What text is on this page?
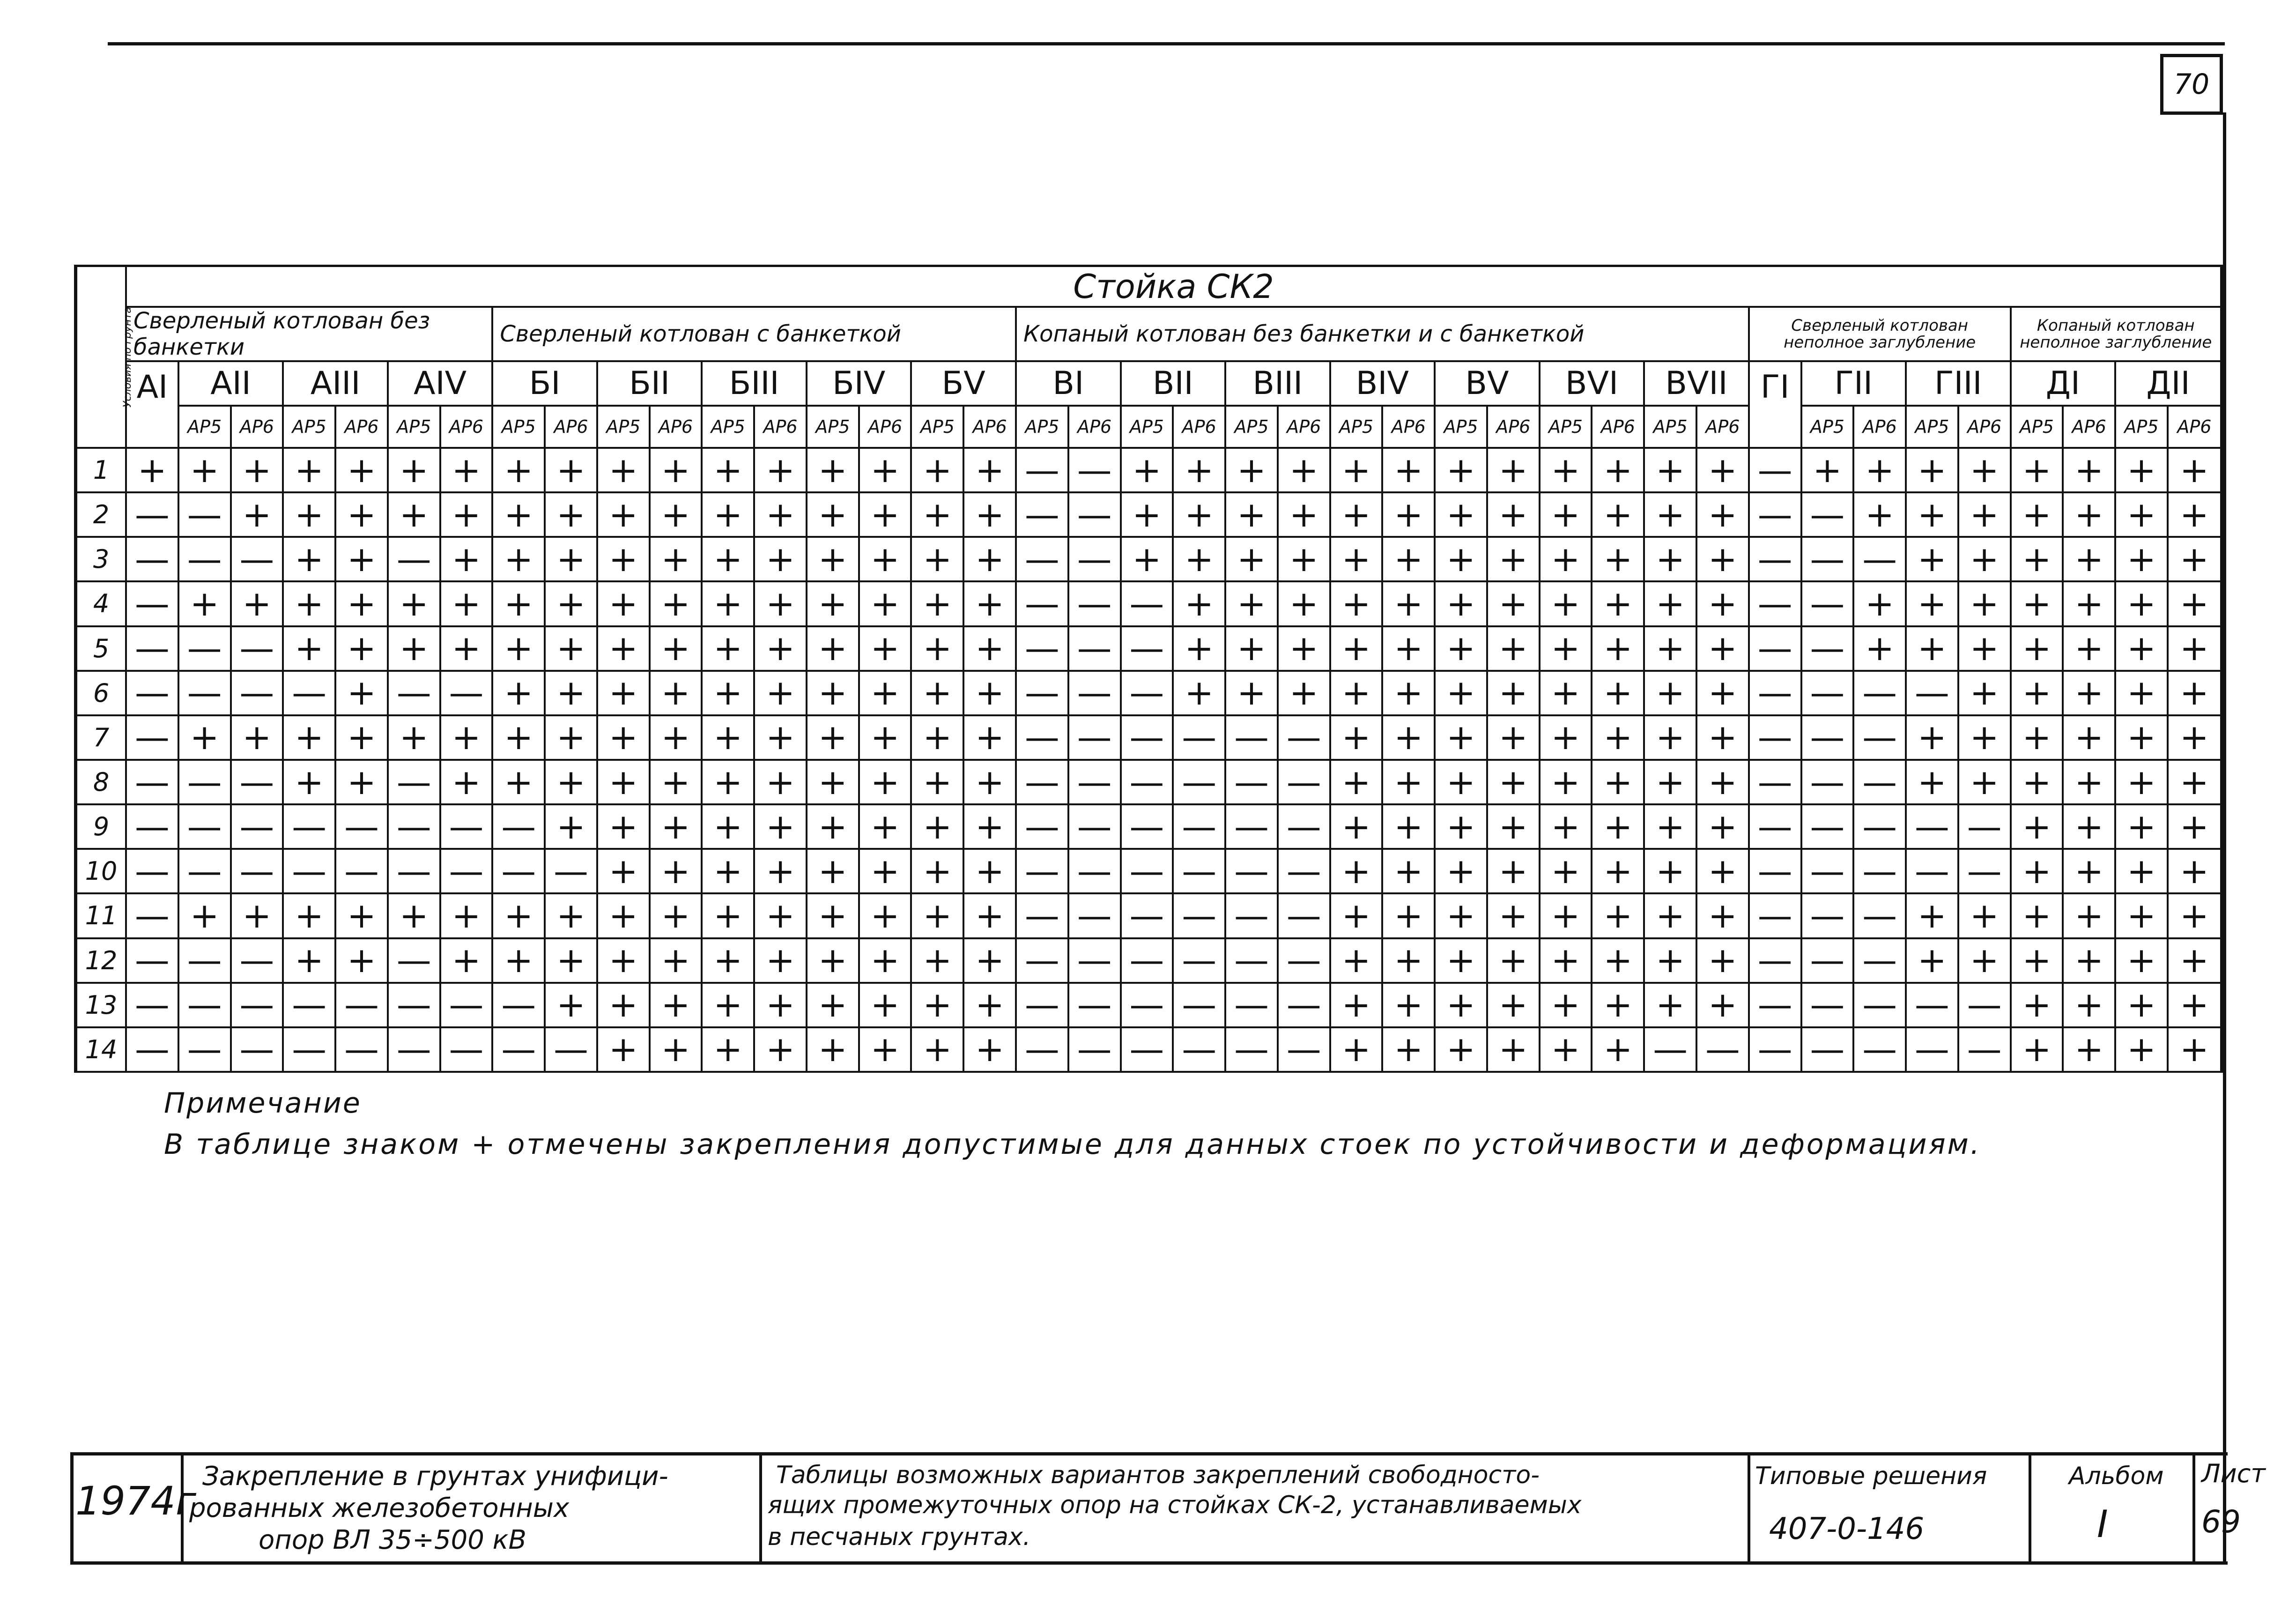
70
Условия по грунта	Стойка СК2																																							
	Сверленый котлован без банкетки							Сверленый котлован с банкеткой										Копаный котлован без банкетки и с банкеткой														Сверленый котлован неполное заглубление					Копаный котлован неполное заглубление			
	АI	АII		АIII		АIV		БI		БII		БIII		БIV		БV		ВI		ВII		ВIII		ВIV		ВV		ВVI		ВVII		ГI	ГII		ГIII		ДI		ДII	
		АР5	АР6	АР5	АР6	АР5	АР6	АР5	АР6	АР5	АР6	АР5	АР6	АР5	АР6	АР5	АР6	АР5	АР6	АР5	АР6	АР5	АР6	АР5	АР6	АР5	АР6	АР5	АР6	АР5	АР6		АР5	АР6	АР5	АР6	АР5	АР6	АР5	АР6
1	+	+	+	+	+	+	+	+	+	+	+	+	+	+	+	+	+	—	—	+	+	+	+	+	+	+	+	+	+	+	+	—	+	+	+	+	+	+	+	+
2	—	—	+	+	+	+	+	+	+	+	+	+	+	+	+	+	+	—	—	+	+	+	+	+	+	+	+	+	+	+	+	—	—	+	+	+	+	+	+	+
3	—	—	—	+	+	—	+	+	+	+	+	+	+	+	+	+	+	—	—	+	+	+	+	+	+	+	+	+	+	+	+	—	—	—	+	+	+	+	+	+
4	—	+	+	+	+	+	+	+	+	+	+	+	+	+	+	+	+	—	—	—	+	+	+	+	+	+	+	+	+	+	+	—	—	+	+	+	+	+	+	+
5	—	—	—	+	+	+	+	+	+	+	+	+	+	+	+	+	+	—	—	—	+	+	+	+	+	+	+	+	+	+	+	—	—	+	+	+	+	+	+	+
6	—	—	—	—	+	—	—	+	+	+	+	+	+	+	+	+	+	—	—	—	+	+	+	+	+	+	+	+	+	+	+	—	—	—	—	+	+	+	+	+
7	—	+	+	+	+	+	+	+	+	+	+	+	+	+	+	+	+	—	—	—	—	—	—	+	+	+	+	+	+	+	+	—	—	—	+	+	+	+	+	+
8	—	—	—	+	+	—	+	+	+	+	+	+	+	+	+	+	+	—	—	—	—	—	—	+	+	+	+	+	+	+	+	—	—	—	+	+	+	+	+	+
9	—	—	—	—	—	—	—	—	+	+	+	+	+	+	+	+	+	—	—	—	—	—	—	+	+	+	+	+	+	+	+	—	—	—	—	—	+	+	+	+
10	—	—	—	—	—	—	—	—	—	+	+	+	+	+	+	+	+	—	—	—	—	—	—	+	+	+	+	+	+	+	+	—	—	—	—	—	+	+	+	+
11	—	+	+	+	+	+	+	+	+	+	+	+	+	+	+	+	+	—	—	—	—	—	—	+	+	+	+	+	+	+	+	—	—	—	+	+	+	+	+	+
12	—	—	—	+	+	—	+	+	+	+	+	+	+	+	+	+	+	—	—	—	—	—	—	+	+	+	+	+	+	+	+	—	—	—	+	+	+	+	+	+
13	—	—	—	—	—	—	—	—	+	+	+	+	+	+	+	+	+	—	—	—	—	—	—	+	+	+	+	+	+	+	+	—	—	—	—	—	+	+	+	+
14	—	—	—	—	—	—	—	—	—	+	+	+	+	+	+	+	+	—	—	—	—	—	—	+	+	+	+	+	+	—	—	—	—	—	—	—	+	+	+	+
Примечание
В таблице знаком + отмечены закрепления допустимые для данных стоек по устойчивости и деформациям.
1974г
Закрепление в грунтах унифици-
рованных железобетонных
опор ВЛ 35÷500 кВ
Таблицы возможных вариантов закреплений свободносто-
ящих промежуточных опор на стойках СК-2, устанавливаемых
в песчаных грунтах.
Типовые решения
407-0-146
Альбом
I
Лист
69
